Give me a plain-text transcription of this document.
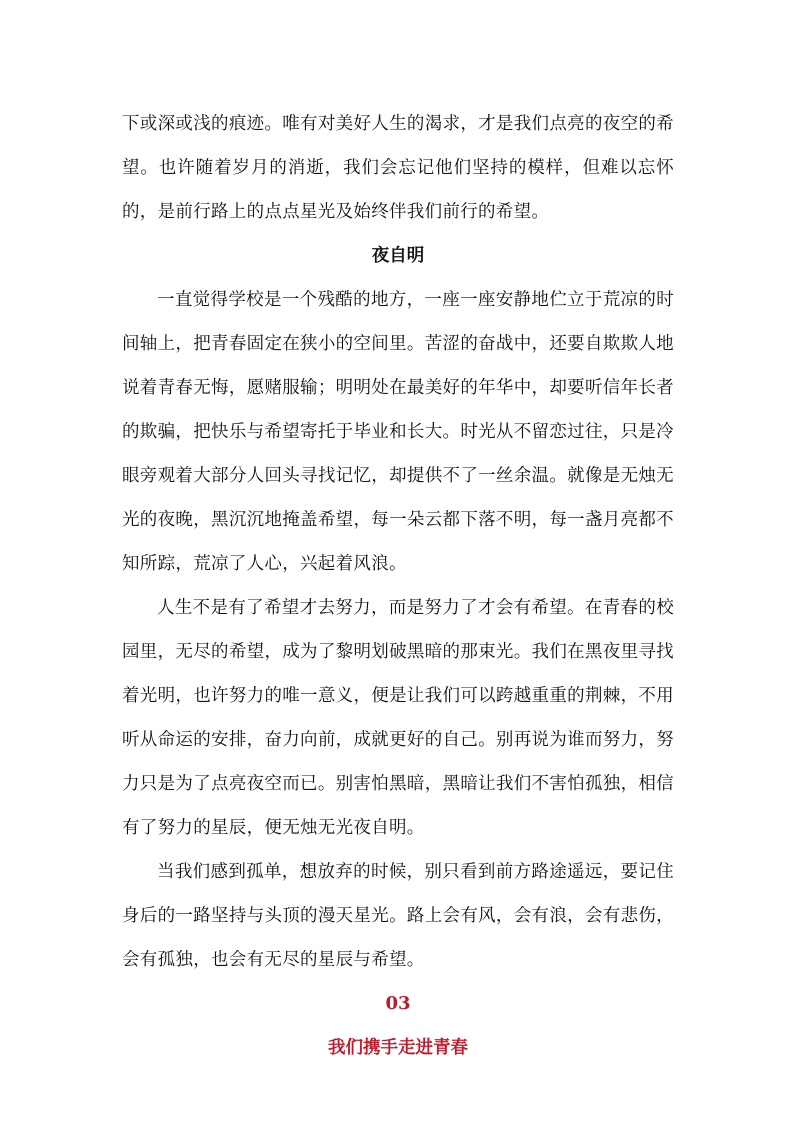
下或深或浅的痕迹。唯有对美好人生的渴求，才是我们点亮的夜空的希望。也许随着岁月的消逝，我们会忘记他们坚持的模样，但难以忘怀的，是前行路上的点点星光及始终伴我们前行的希望。

夜自明

一直觉得学校是一个残酷的地方，一座一座安静地伫立于荒凉的时间轴上，把青春固定在狭小的空间里。苦涩的奋战中，还要自欺欺人地说着青春无悔，愿赌服输；明明处在最美好的年华中，却要听信年长者的欺骗，把快乐与希望寄托于毕业和长大。时光从不留恋过往，只是冷眼旁观着大部分人回头寻找记忆，却提供不了一丝余温。就像是无烛无光的夜晚，黑沉沉地掩盖希望，每一朵云都下落不明，每一盏月亮都不知所踪，荒凉了人心，兴起着风浪。

人生不是有了希望才去努力，而是努力了才会有希望。在青春的校园里，无尽的希望，成为了黎明划破黑暗的那束光。我们在黑夜里寻找着光明，也许努力的唯一意义，便是让我们可以跨越重重的荆棘，不用听从命运的安排，奋力向前，成就更好的自己。别再说为谁而努力，努力只是为了点亮夜空而已。别害怕黑暗，黑暗让我们不害怕孤独，相信有了努力的星辰，便无烛无光夜自明。

当我们感到孤单，想放弃的时候，别只看到前方路途遥远，要记住身后的一路坚持与头顶的漫天星光。路上会有风，会有浪，会有悲伤，会有孤独，也会有无尽的星辰与希望。

03
我们携手走进青春
